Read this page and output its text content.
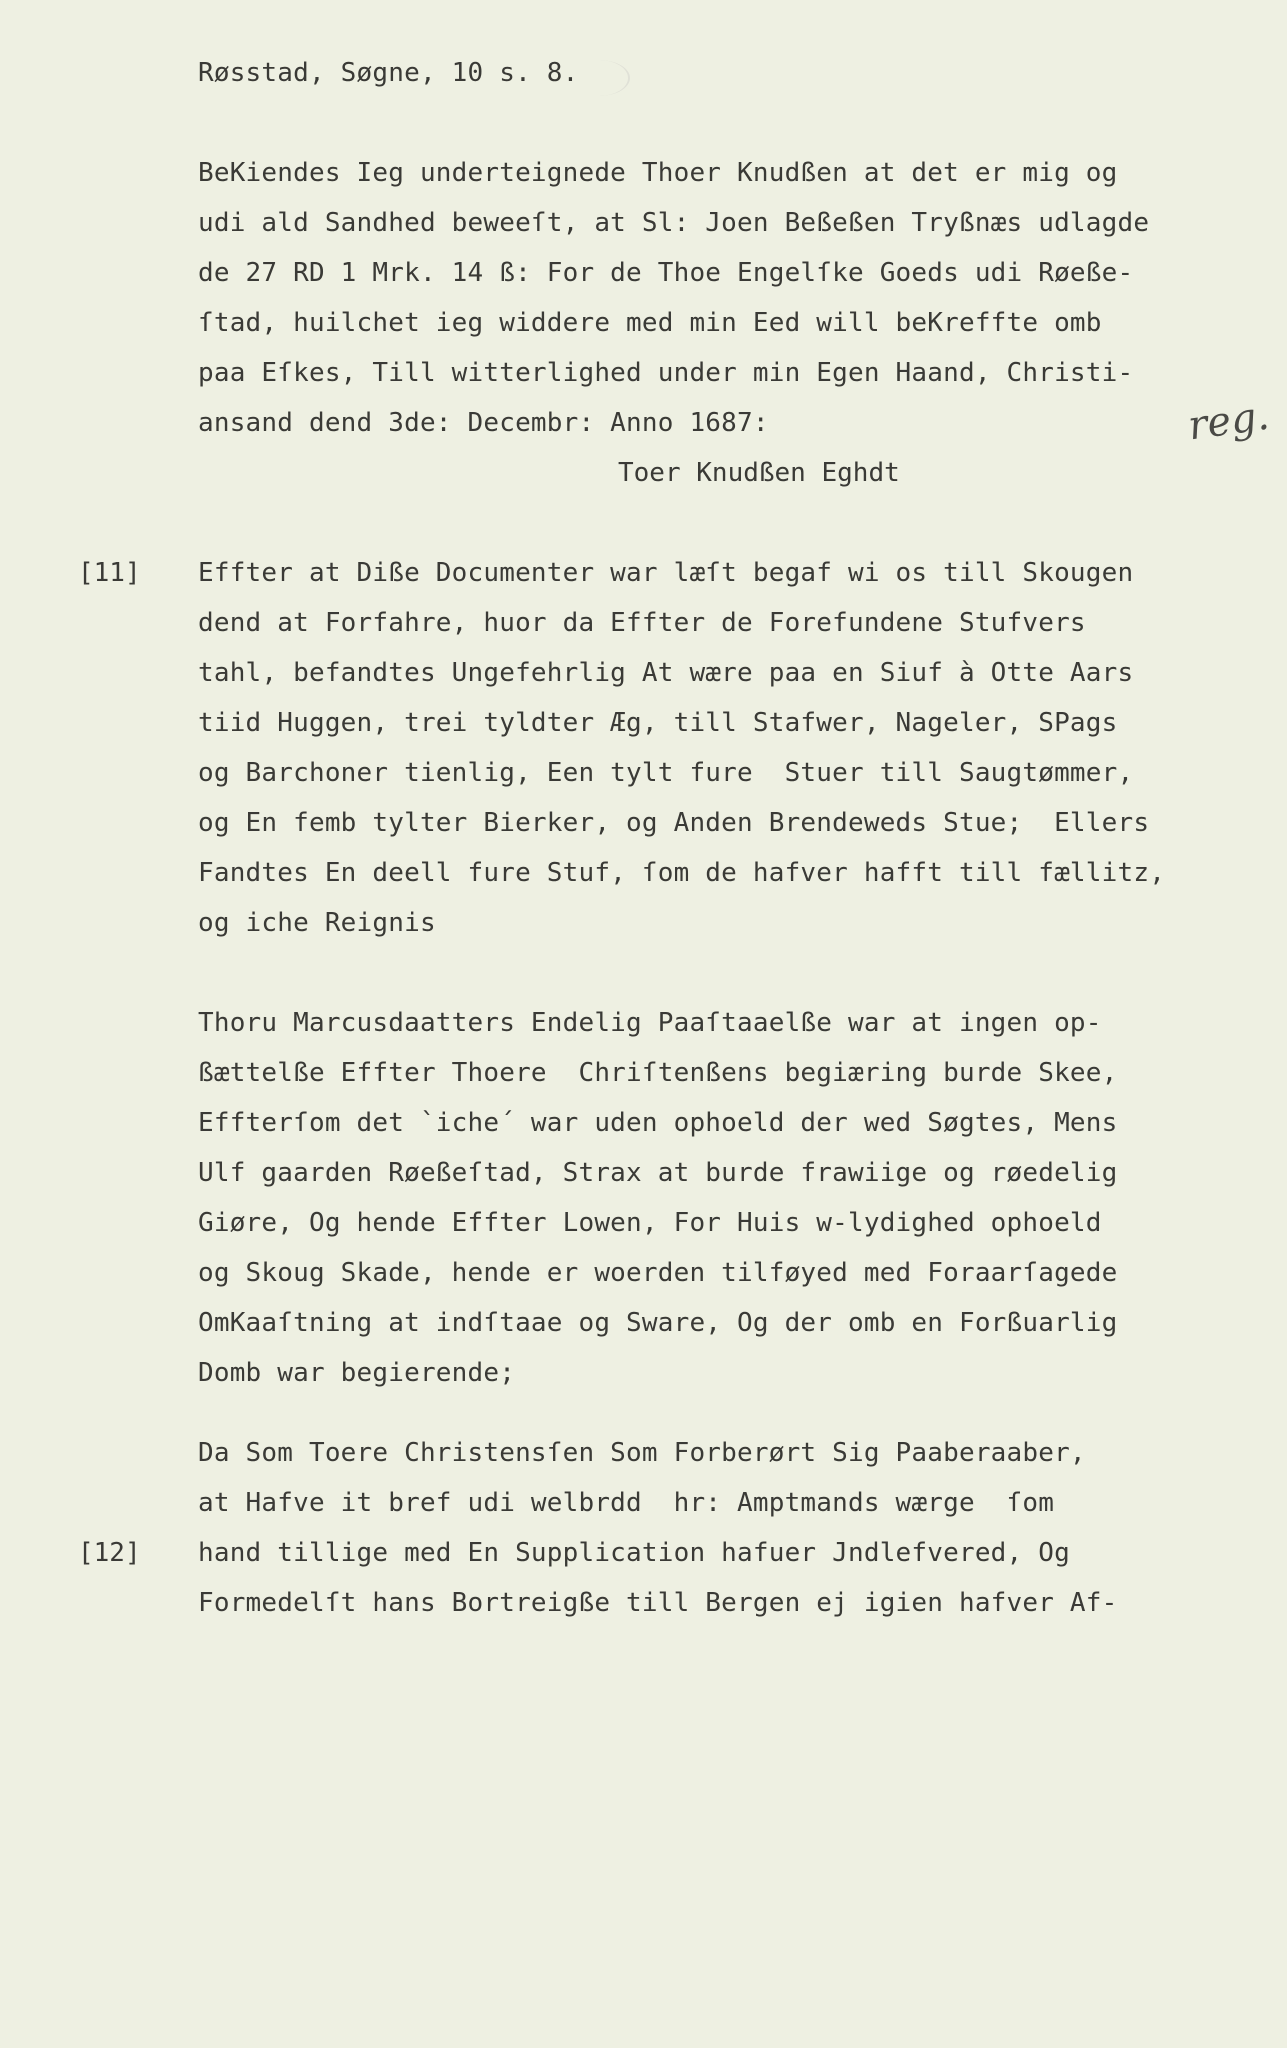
Røsstad, Søgne, 10 s. 8.
BeKiendes Ieg underteignede Thoer Knudßen at det er mig og
udi ald Sandhed beweeſt, at Sl: Joen Beßeßen Tryßnæs udlagde
de 27 RD 1 Mrk. 14 ß: For de Thoe Engelſke Goeds udi Røeße-
ſtad, huilchet ieg widdere med min Eed will beKreffte omb
paa Eſkes, Till witterlighed under min Egen Haand, Christi-
ansand dend 3de: Decembr: Anno 1687:	reg.
Toer Knudßen Eghdt
[11] Effter at Diße Documenter war læſt begaf wi os till Skougen
dend at Forfahre, huor da Effter de Forefundene Stufvers
tahl, befandtes Ungefehrlig At wære paa en Siuf à Otte Aars
tiid Huggen, trei tyldter Æg, till Stafwer, Nageler, SPags
og Barchoner tienlig, Een tylt fure  Stuer till Saugtømmer,
og En femb tylter Bierker, og Anden Brendeweds Stue;  Ellers
Fandtes En deell fure Stuf, ſom de hafver hafft till fællitz,
og iche Reignis
Thoru Marcusdaatters Endelig Paaſtaaelße war at ingen op-
ßættelße Effter Thoere  Chriſtenßens begiæring burde Skee,
Effterſom det `iche´ war uden ophoeld der wed Søgtes, Mens
Ulf gaarden Røeßeſtad, Strax at burde frawiige og røedelig
Giøre, Og hende Effter Lowen, For Huis w-lydighed ophoeld
og Skoug Skade, hende er woerden tilføyed med Foraarſagede
OmKaaſtning at indſtaae og Sware, Og der omb en Forßuarlig
Domb war begierende;
Da Som Toere Christensſen Som Forberørt Sig Paaberaaber,
at Hafve it bref udi welbrdd  hr: Amptmands wærge  ſom
[12] hand tillige med En Supplication hafuer Jndlefvered, Og
Formedelſt hans Bortreigße till Bergen ej igien hafver Af-
